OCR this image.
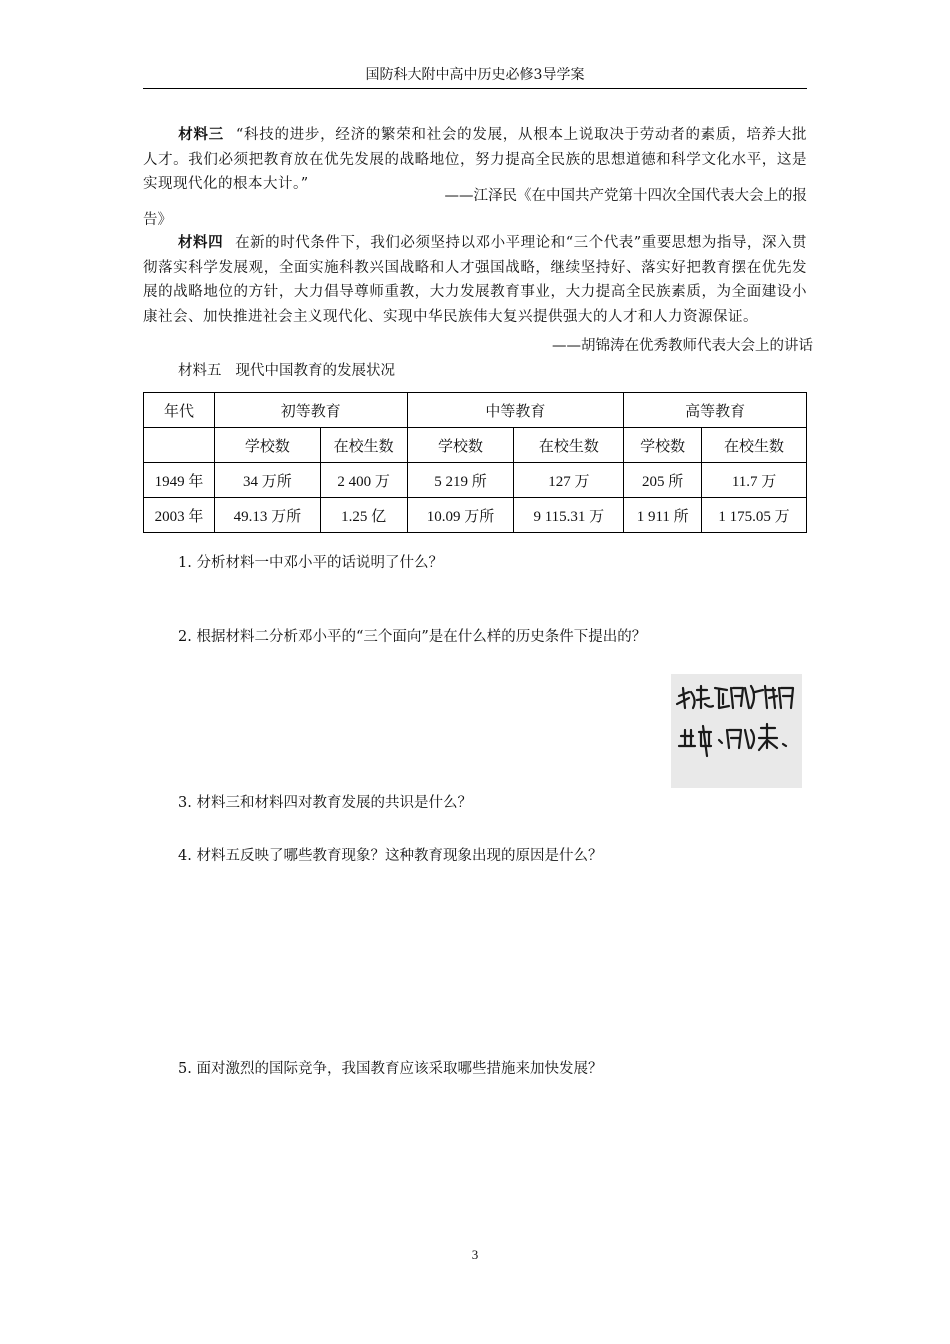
国防科大附中高中历史必修3导学案

材料三 “科技的进步，经济的繁荣和社会的发展，从根本上说取决于劳动者的素质，培养大批人才。我们必须把教育放在优先发展的战略地位，努力提高全民族的思想道德和科学文化水平，这是实现现代化的根本大计。”

——江泽民《在中国共产党第十四次全国代表大会上的报

告》

材料四 在新的时代条件下，我们必须坚持以邓小平理论和“三个代表”重要思想为指导，深入贯彻落实科学发展观，全面实施科教兴国战略和人才强国战略，继续坚持好、落实好把教育摆在优先发展的战略地位的方针，大力倡导尊师重教，大力发展教育事业，大力提高全民族素质，为全面建设小康社会、加快推进社会主义现代化、实现中华民族伟大复兴提供强大的人才和人力资源保证。

——胡锦涛在优秀教师代表大会上的讲话

材料五 现代中国教育的发展状况
年代	初等教育		中等教育		高等教育	
	学校数	在校生数	学校数	在校生数	学校数	在校生数
1949 年	34 万所	2 400 万	5 219 所	127 万	205 所	11.7 万
2003 年	49.13 万所	1.25 亿	10.09 万所	9 115.31 万	1 911 所	1 175.05 万
1. 分析材料一中邓小平的话说明了什么？
2. 根据材料二分析邓小平的“三个面向”是在什么样的历史条件下提出的？
3. 材料三和材料四对教育发展的共识是什么？
4. 材料五反映了哪些教育现象？这种教育现象出现的原因是什么？
5. 面对激烈的国际竞争，我国教育应该采取哪些措施来加快发展？
3
